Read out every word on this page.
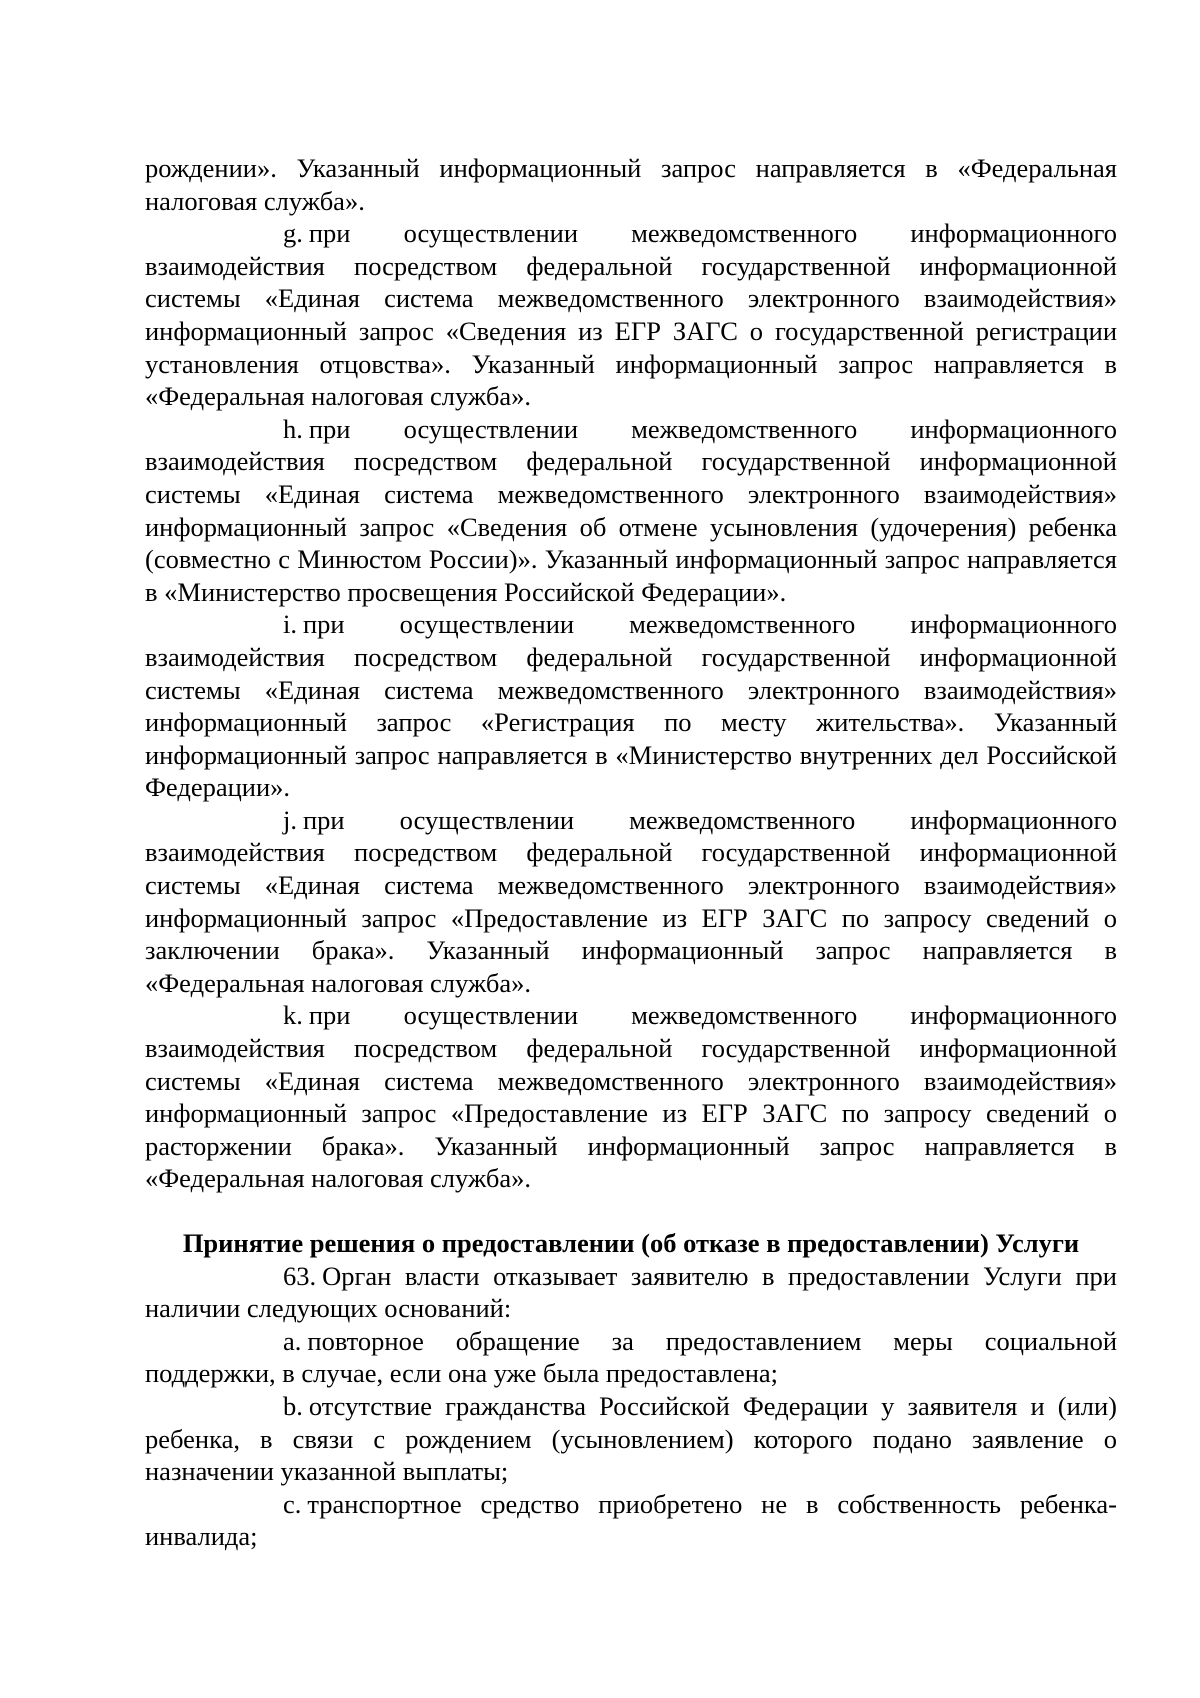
рождении». Указанный информационный запрос направляется в «Федеральная налоговая служба».

g. при осуществлении межведомственного информационного взаимодействия посредством федеральной государственной информационной системы «Единая система межведомственного электронного взаимодействия» информационный запрос «Сведения из ЕГР ЗАГС о государственной регистрации установления отцовства». Указанный информационный запрос направляется в «Федеральная налоговая служба».

h. при осуществлении межведомственного информационного взаимодействия посредством федеральной государственной информационной системы «Единая система межведомственного электронного взаимодействия» информационный запрос «Сведения об отмене усыновления (удочерения) ребенка (совместно с Минюстом России)». Указанный информационный запрос направляется в «Министерство просвещения Российской Федерации».

i. при осуществлении межведомственного информационного взаимодействия посредством федеральной государственной информационной системы «Единая система межведомственного электронного взаимодействия» информационный запрос «Регистрация по месту жительства». Указанный информационный запрос направляется в «Министерство внутренних дел Российской Федерации».

j. при осуществлении межведомственного информационного взаимодействия посредством федеральной государственной информационной системы «Единая система межведомственного электронного взаимодействия» информационный запрос «Предоставление из ЕГР ЗАГС по запросу сведений о заключении брака». Указанный информационный запрос направляется в «Федеральная налоговая служба».

k. при осуществлении межведомственного информационного взаимодействия посредством федеральной государственной информационной системы «Единая система межведомственного электронного взаимодействия» информационный запрос «Предоставление из ЕГР ЗАГС по запросу сведений о расторжении брака». Указанный информационный запрос направляется в «Федеральная налоговая служба».

Принятие решения о предоставлении (об отказе в предоставлении) Услуги

63. Орган власти отказывает заявителю в предоставлении Услуги при наличии следующих оснований:

a. повторное обращение за предоставлением меры социальной поддержки, в случае, если она уже была предоставлена;

b. отсутствие гражданства Российской Федерации у заявителя и (или) ребенка, в связи с рождением (усыновлением) которого подано заявление о назначении указанной выплаты;

c. транспортное средство приобретено не в собственность ребенка-инвалида;
